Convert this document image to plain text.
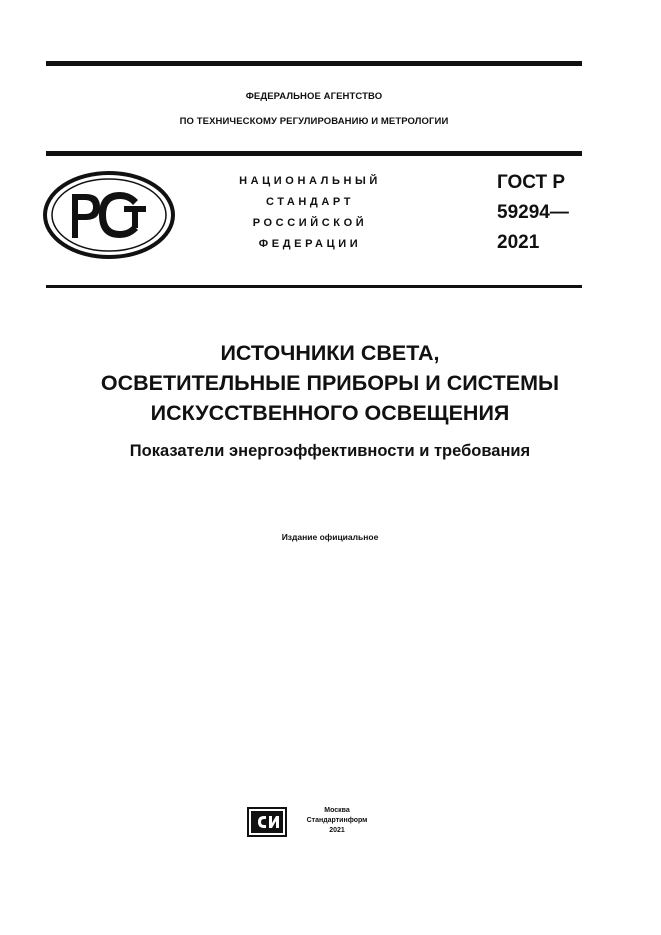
ФЕДЕРАЛЬНОЕ АГЕНТСТВО
ПО ТЕХНИЧЕСКОМУ РЕГУЛИРОВАНИЮ И МЕТРОЛОГИИ
НАЦИОНАЛЬНЫЙ
СТАНДАРТ
РОССИЙСКОЙ
ФЕДЕРАЦИИ
ГОСТ Р
59294—
2021
ИСТОЧНИКИ СВЕТА,
ОСВЕТИТЕЛЬНЫЕ ПРИБОРЫ И СИСТЕМЫ
ИСКУССТВЕННОГО ОСВЕЩЕНИЯ
Показатели энергоэффективности и требования
Издание официальное
Москва
Стандартинформ
2021
